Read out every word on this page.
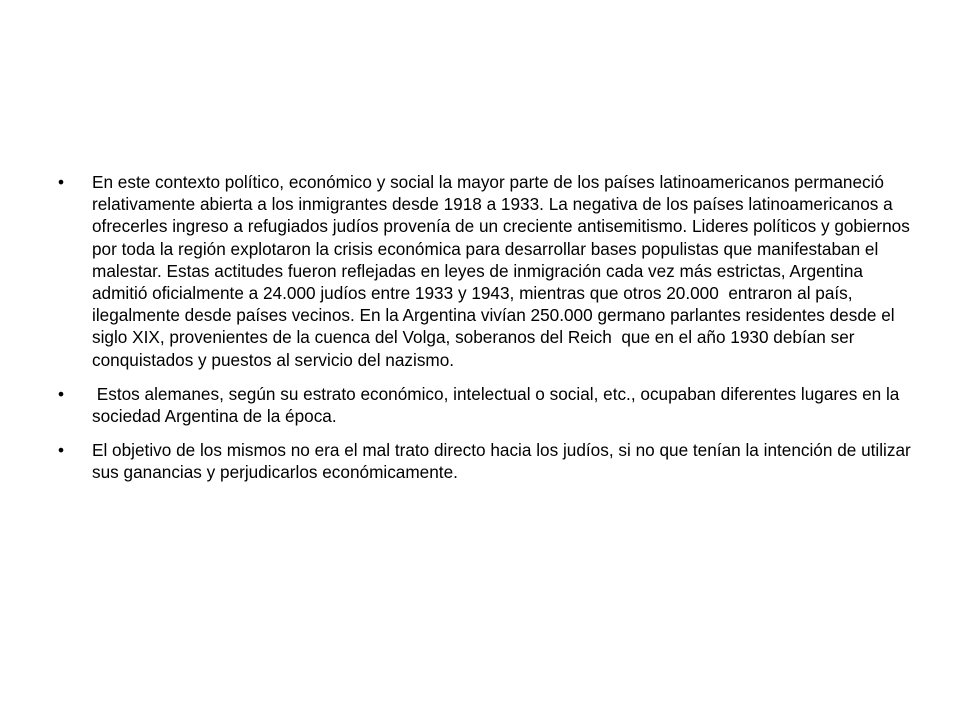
•	En este contexto político, económico y social la mayor parte de los países latinoamericanos permaneció relativamente abierta a los inmigrantes desde 1918 a 1933. La negativa de los países latinoamericanos a ofrecerles ingreso a refugiados judíos provenía de un creciente antisemitismo. Lideres políticos y gobiernos por toda la región explotaron la crisis económica para desarrollar bases populistas que manifestaban el malestar. Estas actitudes fueron reflejadas en leyes de inmigración cada vez más estrictas, Argentina  admitió oficialmente a 24.000 judíos entre 1933 y 1943, mientras que otros 20.000  entraron al país,  ilegalmente desde países vecinos. En la Argentina vivían 250.000 germano parlantes residentes desde el  siglo XIX, provenientes de la cuenca del Volga, soberanos del Reich  que en el año 1930 debían ser conquistados y puestos al servicio del nazismo.
•	Estos alemanes, según su estrato económico, intelectual o social, etc., ocupaban diferentes lugares en la sociedad Argentina de la época.
•	El objetivo de los mismos no era el mal trato directo hacia los judíos, si no que tenían la intención de utilizar sus ganancias y perjudicarlos económicamente.
